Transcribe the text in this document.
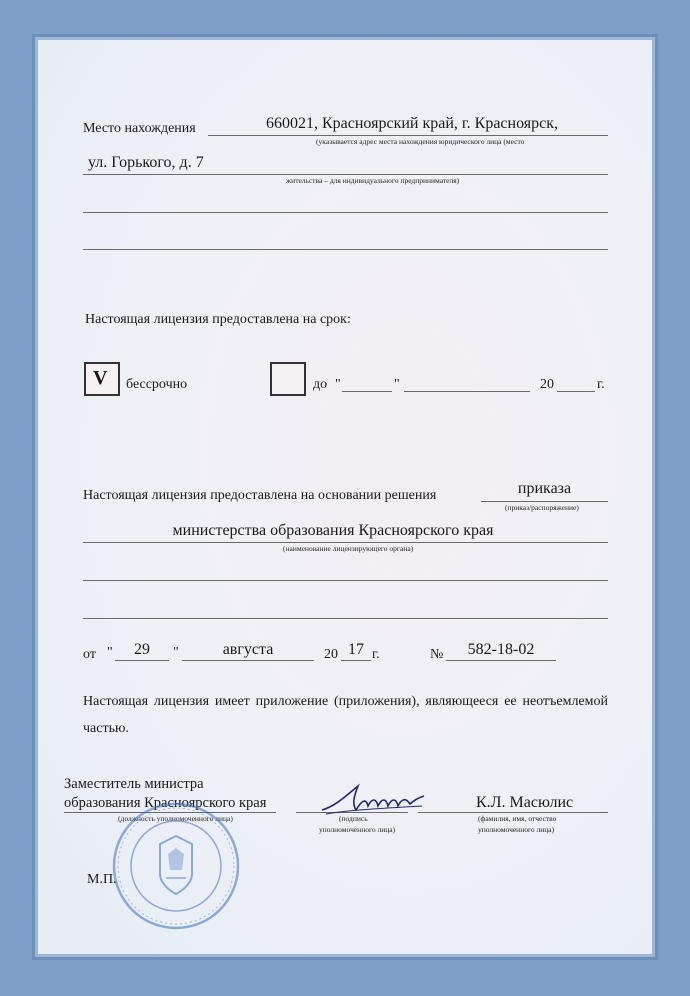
Место нахождения	660021, Красноярский край, г. Красноярск,
(указывается адрес места нахождения юридического лица (место
ул. Горького, д. 7
жительства – для индивидуального предпринимателя)
Настоящая лицензия предоставлена на срок:
V бессрочно	до "	"	20	г.
Настоящая лицензия предоставлена на основании решения	приказа
(приказ/распоряжение)
министерства образования Красноярского края
(наименование лицензирующего органа)
от "	29	"	августа	20 17 г.	№	582-18-02
Настоящая лицензия имеет приложение (приложения), являющееся ее неотъемлемой частью.
Заместитель министра
образования Красноярского края
(должность уполномоченного лица)	(подпись
уполномоченного лица)
К.Л. Масюлис
(фамилия, имя, отчество
уполномоченного лица)
М.П.
